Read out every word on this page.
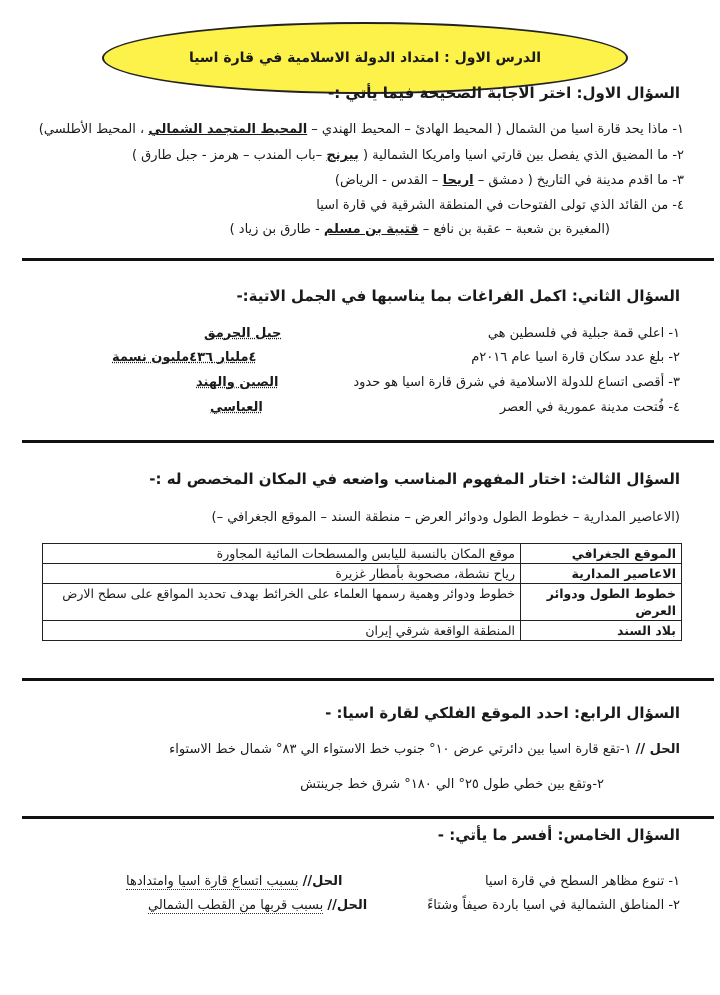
الدرس الاول : امتداد الدولة الاسلامية في قارة اسيا
السؤال الاول: اختر الاجابة الصحيحة فيما يأتي :-
١- ماذا يحد قارة اسيا من الشمال ( المحيط الهادئ – المحيط الهندي – المحيط المتجمد الشمالي ، المحيط الأطلسي)
٢- ما المضيق الذي يفصل بين قارتي اسيا وامريكا الشمالية ( بيرنج –باب المندب – هرمز - جبل طارق )
٣- ما اقدم مدينة في التاريخ ( دمشق – اريحا – القدس - الرياض)
٤- من القائد الذي تولى الفتوحات في المنطقة الشرقية في قارة اسيا
(المغيرة بن شعبة – عقبة بن نافع – قتيبة بن مسلم - طارق بن زياد )
السؤال الثاني: اكمل الفراغات بما يناسبها في الجمل الاتية:-
١- اعلي قمة جبلية في فلسطين هي
جبل الجرمق
٢- بلغ عدد سكان قارة اسيا عام ٢٠١٦م
٤مليار ٤٣٦مليون نسمة
٣- أقصى اتساع للدولة الاسلامية في شرق قارة اسيا هو حدود
الصين والهند
٤- فُتحت مدينة عمورية في العصر
العباسي
السؤال الثالث: اختار المفهوم المناسب واضعه في المكان المخصص له :-
(الاعاصير المدارية – خطوط الطول ودوائر العرض – منطقة السند – الموقع الجغرافي –)
الموقع الجغرافي	موقع المكان بالنسبة لليابس والمسطحات المائية المجاورة
الاعاصير المدارية	رياح نشطة، مصحوبة بأمطار غزيرة
خطوط الطول ودوائر العرض	خطوط ودوائر وهمية رسمها العلماء على الخرائط بهدف تحديد المواقع على سطح الارض
بلاد السند	المنطقة الواقعة شرقي إيران
السؤال الرابع: احدد الموقع الفلكي لقارة اسيا: -
الحل // ١-تقع قارة اسيا بين دائرتي عرض ١٠° جنوب خط الاستواء الي ٨٣° شمال خط الاستواء
٢-وتقع بين خطي طول ٢٥° الي ١٨٠° شرق خط جرينتش
السؤال الخامس: أفسر ما يأتي: -
١- تنوع مظاهر السطح في قارة اسيا
الحل// بسبب اتساع قارة اسيا وامتدادها
٢- المناطق الشمالية في اسيا باردة صيفاً وشتاءً
الحل// بسبب قربها من القطب الشمالي
